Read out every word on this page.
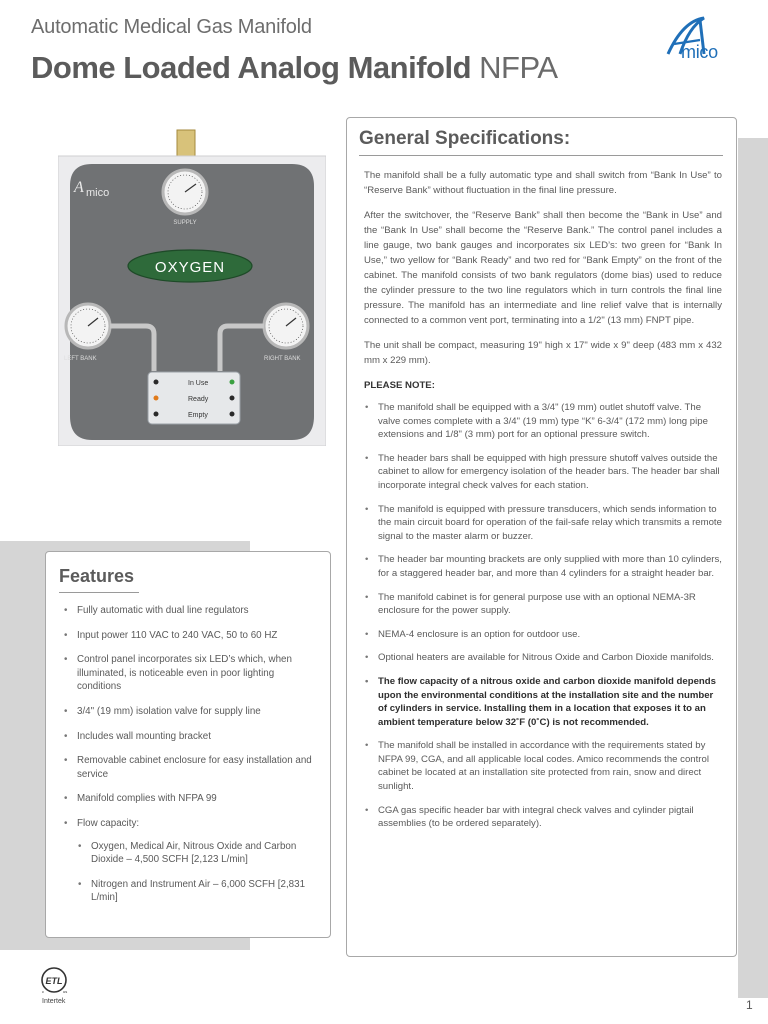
Automatic Medical Gas Manifold
Dome Loaded Analog Manifold NFPA	mico
A mico
SUPPLY
OXYGEN
LEFT BANK	RIGHT BANK
In Use
Ready
Empty
General Specifications:

The manifold shall be a fully automatic type and shall switch from “Bank In Use” to “Reserve Bank” without fluctuation in the final line pressure.

After the switchover, the “Reserve Bank” shall then become the “Bank in Use” and the “Bank In Use” shall become the “Reserve Bank.” The control panel includes a line gauge, two bank gauges and incorporates six LED’s: two green for “Bank In Use,” two yellow for “Bank Ready” and two red for “Bank Empty” on the front of the cabinet. The manifold consists of two bank regulators (dome bias) used to reduce the cylinder pressure to the two line regulators which in turn controls the final line pressure. The manifold has an intermediate and line relief valve that is internally connected to a common vent port, terminating into a 1/2" (13 mm) FNPT pipe.

The unit shall be compact, measuring 19" high x 17" wide x 9" deep (483 mm x 432 mm x 229 mm).

PLEASE NOTE:

• The manifold shall be equipped with a 3/4" (19 mm) outlet shutoff valve. The valve comes complete with a 3/4" (19 mm) type “K” 6-3/4" (172 mm) long pipe extensions and 1/8" (3 mm) port for an optional pressure switch.
• The header bars shall be equipped with high pressure shutoff valves outside the cabinet to allow for emergency isolation of the header bars. The header bar shall incorporate integral check valves for each station.
• The manifold is equipped with pressure transducers, which sends information to the main circuit board for operation of the fail-safe relay which transmits a remote signal to the master alarm or buzzer.
• The header bar mounting brackets are only supplied with more than 10 cylinders, for a staggered header bar, and more than 4 cylinders for a straight header bar.
• The manifold cabinet is for general purpose use with an optional NEMA-3R enclosure for the power supply.
• NEMA-4 enclosure is an option for outdoor use.
• Optional heaters are available for Nitrous Oxide and Carbon Dioxide manifolds.
• The flow capacity of a nitrous oxide and carbon dioxide manifold depends upon the environmental conditions at the installation site and the number of cylinders in service. Installing them in a location that exposes it to an ambient temperature below 32˚F (0˚C) is not recommended.
• The manifold shall be installed in accordance with the requirements stated by NFPA 99, CGA, and all applicable local codes. Amico recommends the control cabinet be located at an installation site protected from rain, snow and direct sunlight.
• CGA gas specific header bar with integral check valves and cylinder pigtail assemblies (to be ordered separately).
Features
• Fully automatic with dual line regulators
• Input power 110 VAC to 240 VAC, 50 to 60 HZ
• Control panel incorporates six LED’s which, when illuminated, is noticeable even in poor lighting conditions
• 3/4" (19 mm) isolation valve for supply line
• Includes wall mounting bracket
• Removable cabinet enclosure for easy installation and service
• Manifold complies with NFPA 99
• Flow capacity:
• Oxygen, Medical Air, Nitrous Oxide and Carbon Dioxide – 4,500 SCFH [2,123 L/min]
• Nitrogen and Instrument Air – 6,000 SCFH [2,831 L/min]
ETL
c	us
Intertek	1
